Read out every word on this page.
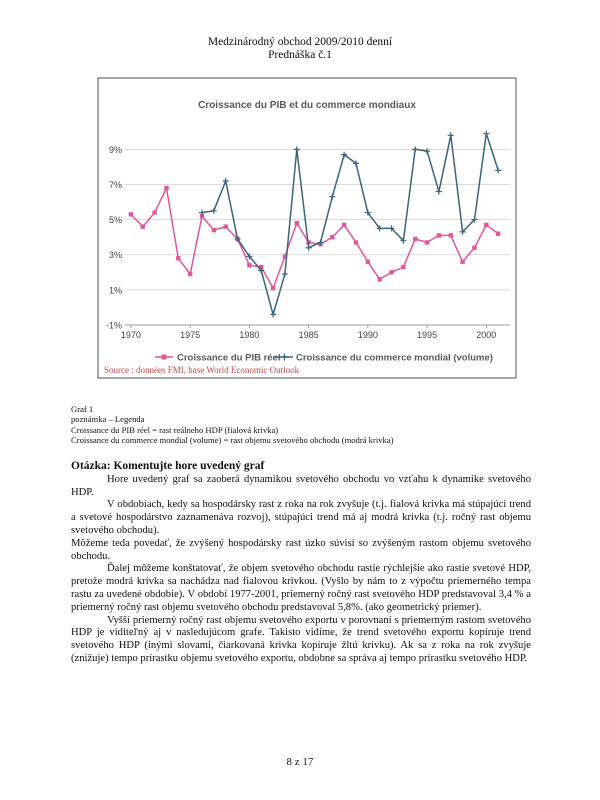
Medzinárodný obchod 2009/2010 denní
Prednáška č.1
Croissance du PIB et du commerce mondiaux
-1%
1%
3%
5%
7%
9%
1970	1975	1980	1985	1990	1995	2000
Croissance du PIB réel Croissance du commerce mondial (volume)
Source : données FMI, base World Economic Outlook
Graf 1
poznámka – Legenda
Croissance du PIB réel = rast reálneho HDP (fialová krivka)
Croissance du commerce mondial (volume) = rast objemu svetového obchodu (modrá krivka)

Otázka: Komentujte hore uvedený graf

Hore uvedený graf sa zaoberá dynamikou svetového obchodu vo vzťahu k dynamike svetového HDP.

V obdobiach, kedy sa hospodársky rast z roka na rok zvyšuje (t.j. fialová krivka má stúpajúci trend a svetové hospodárstvo zaznamenáva rozvoj), stúpajúci trend má aj modrá krivka (t.j. ročný rast objemu svetového obchodu).

Môžeme teda povedať, že zvýšený hospodársky rast úzko súvisí so zvýšeným rastom objemu svetového obchodu.

Ďalej môžeme konštatovať, že objem svetového obchodu rastie rýchlejšie ako rastie svetové HDP, pretože modrá krivka sa nachádza nad fialovou krivkou. (Vyšlo by nám to z výpočtu priemerného tempa rastu za uvedené obdobie). V období 1977-2001, priemerný ročný rast svetového HDP predstavoval 3,4 % a priemerný ročný rast objemu svetového obchodu predstavoval 5,8%. (ako geometrický priemer).

Vyšší priemerný ročný rast objemu svetového exportu v porovnaní s priemerným rastom svetového HDP je viditeľný aj v nasledujúcom grafe. Takisto vidíme, že trend svetového exportu kopíruje trend svetového HDP (inými slovami, čiarkovaná krivka kopíruje žltú krivku). Ak sa z roka na rok zvyšuje (znižuje) tempo prírastku objemu svetového exportu, obdobne sa správa aj tempo prírastku svetového HDP.

8 z 17
